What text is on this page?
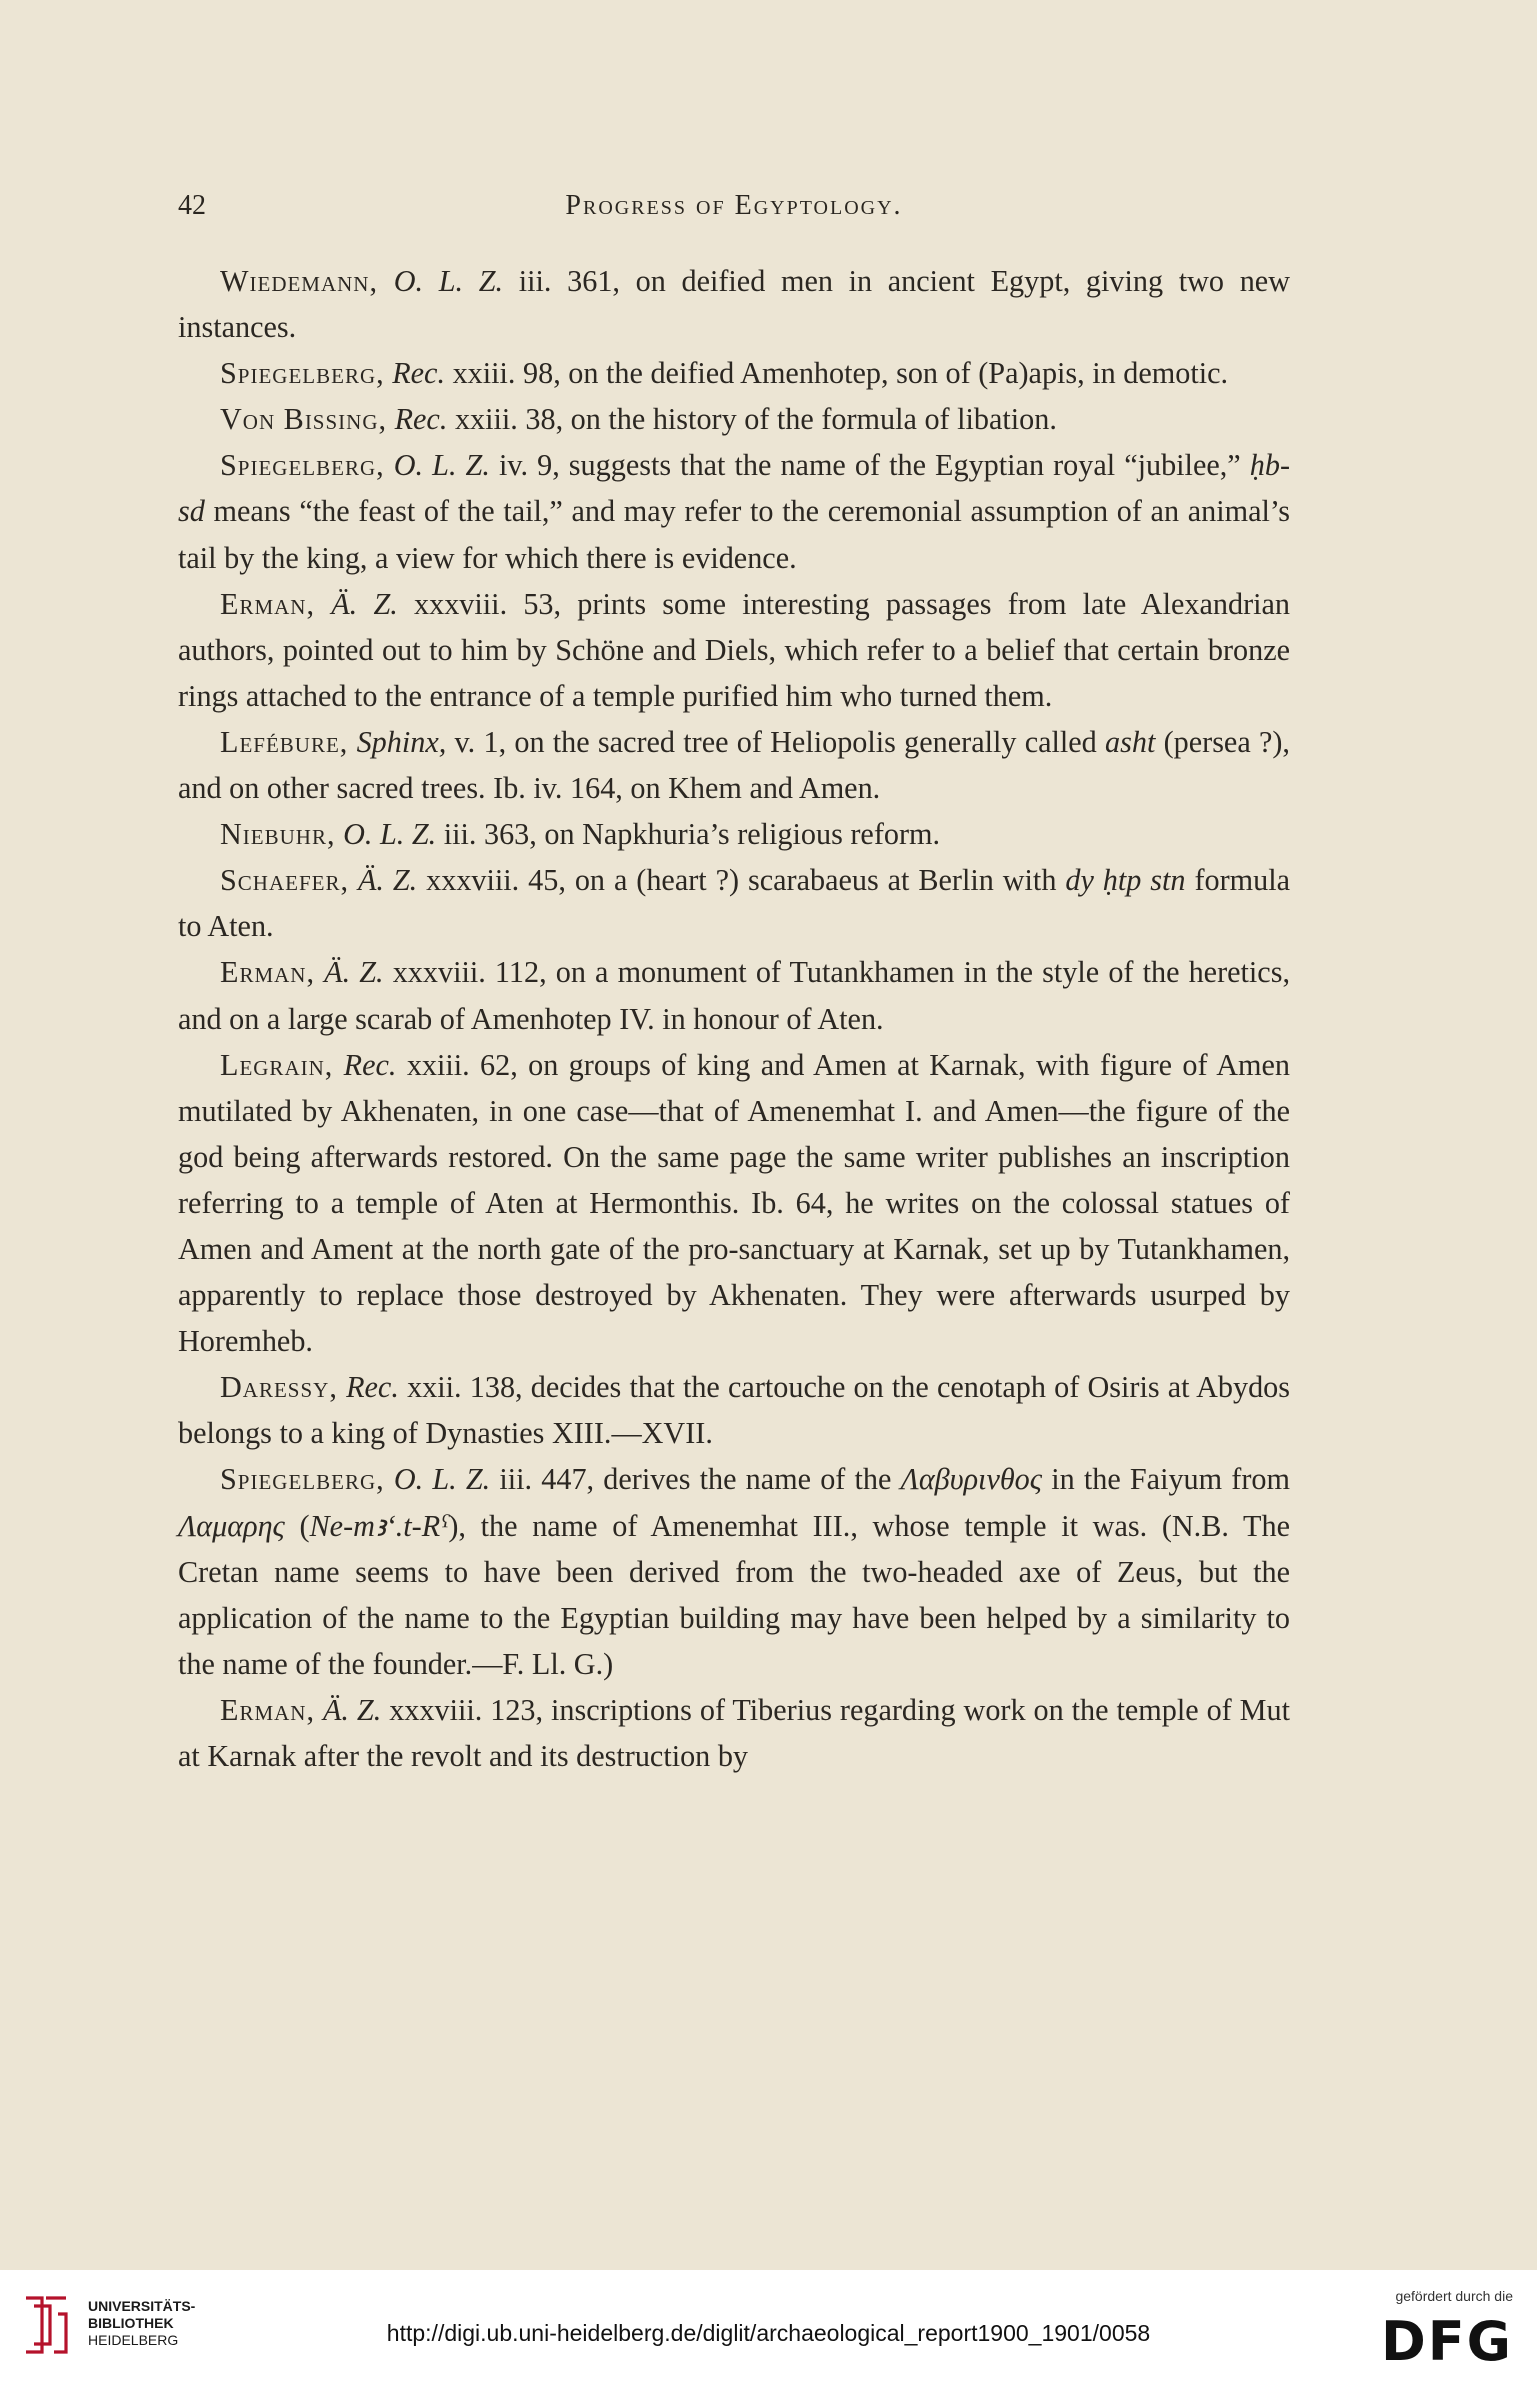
42	Progress of Egyptology.

Wiedemann, O. L. Z. iii. 361, on deified men in ancient Egypt, giving two new instances.

Spiegelberg, Rec. xxiii. 98, on the deified Amenhotep, son of (Pa)apis, in demotic.

Von Bissing, Rec. xxiii. 38, on the history of the formula of libation.

Spiegelberg, O. L. Z. iv. 9, suggests that the name of the Egyptian royal “jubilee,” ḥb-sd means “the feast of the tail,” and may refer to the ceremonial assumption of an animal’s tail by the king, a view for which there is evidence.

Erman, Ä. Z. xxxviii. 53, prints some interesting passages from late Alexandrian authors, pointed out to him by Schöne and Diels, which refer to a belief that certain bronze rings attached to the entrance of a temple purified him who turned them.

Lefébure, Sphinx, v. 1, on the sacred tree of Heliopolis generally called asht (persea ?), and on other sacred trees. Ib. iv. 164, on Khem and Amen.

Niebuhr, O. L. Z. iii. 363, on Napkhuria’s religious reform.

Schaefer, Ä. Z. xxxviii. 45, on a (heart ?) scarabaeus at Berlin with dy ḥtp stn formula to Aten.

Erman, Ä. Z. xxxviii. 112, on a monument of Tutankhamen in the style of the heretics, and on a large scarab of Amenhotep IV. in honour of Aten.

Legrain, Rec. xxiii. 62, on groups of king and Amen at Karnak, with figure of Amen mutilated by Akhenaten, in one case—that of Amenemhat I. and Amen—the figure of the god being afterwards restored. On the same page the same writer publishes an inscription referring to a temple of Aten at Hermonthis. Ib. 64, he writes on the colossal statues of Amen and Ament at the north gate of the pro-sanctuary at Karnak, set up by Tutankhamen, apparently to replace those destroyed by Akhenaten. They were afterwards usurped by Horemheb.

Daressy, Rec. xxii. 138, decides that the cartouche on the cenotaph of Osiris at Abydos belongs to a king of Dynasties XIII.—XVII.

Spiegelberg, O. L. Z. iii. 447, derives the name of the Λαβυρινθος in the Faiyum from Λαμαρης (Ne-mꜣ‘.t-Rˁ), the name of Amenemhat III., whose temple it was. (N.B. The Cretan name seems to have been derived from the two-headed axe of Zeus, but the application of the name to the Egyptian building may have been helped by a similarity to the name of the founder.—F. Ll. G.)

Erman, Ä. Z. xxxviii. 123, inscriptions of Tiberius regarding work on the temple of Mut at Karnak after the revolt and its destruction by

UNIVERSITÄTS-
BIBLIOTHEK
HEIDELBERG	http://digi.ub.uni-heidelberg.de/diglit/archaeological_report1900_1901/0058
gefördert durch die
DFG
